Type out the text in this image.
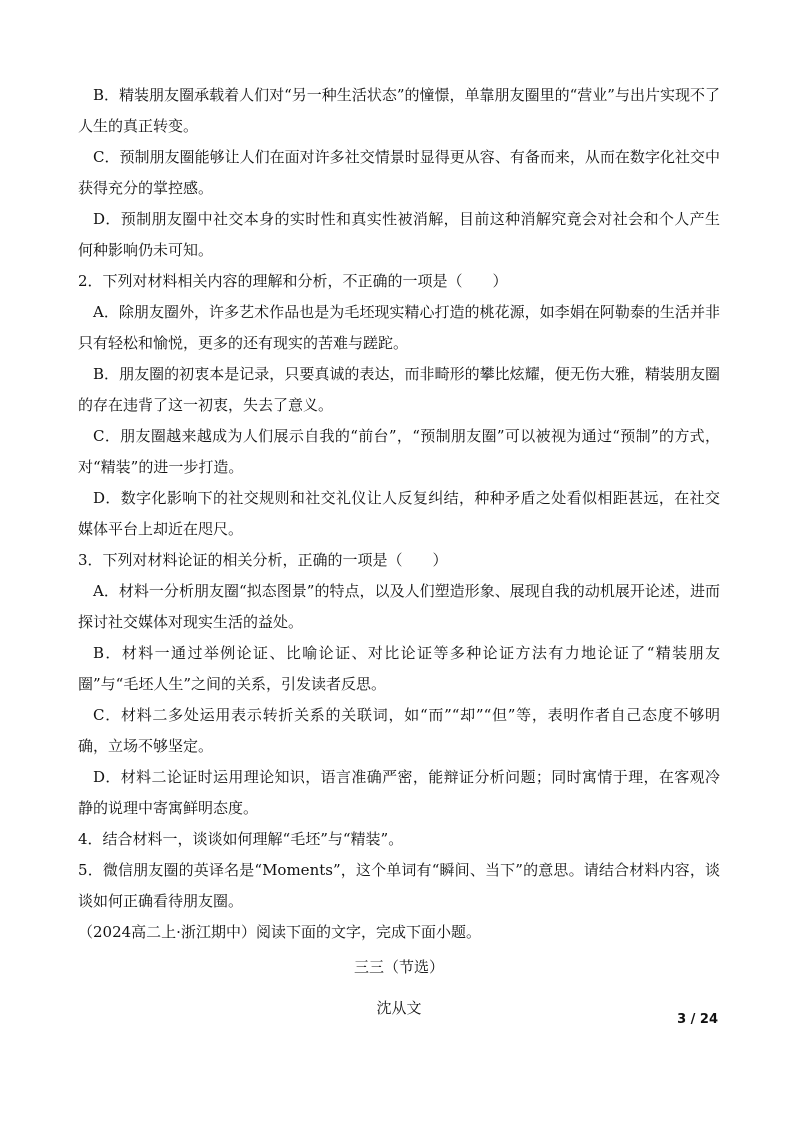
B．精装朋友圈承载着人们对“另一种生活状态”的憧憬，单靠朋友圈里的“营业”与出片实现不了人生的真正转变。

C．预制朋友圈能够让人们在面对许多社交情景时显得更从容、有备而来，从而在数字化社交中获得充分的掌控感。

D．预制朋友圈中社交本身的实时性和真实性被消解，目前这种消解究竟会对社会和个人产生何种影响仍未可知。

2．下列对材料相关内容的理解和分析，不正确的一项是（　　）

A．除朋友圈外，许多艺术作品也是为毛坯现实精心打造的桃花源，如李娟在阿勒泰的生活并非只有轻松和愉悦，更多的还有现实的苦难与蹉跎。

B．朋友圈的初衷本是记录，只要真诚的表达，而非畸形的攀比炫耀，便无伤大雅，精装朋友圈的存在违背了这一初衷，失去了意义。

C．朋友圈越来越成为人们展示自我的“前台”，“预制朋友圈”可以被视为通过“预制”的方式，对“精装”的进一步打造。

D．数字化影响下的社交规则和社交礼仪让人反复纠结，种种矛盾之处看似相距甚远，在社交媒体平台上却近在咫尺。

3．下列对材料论证的相关分析，正确的一项是（　　）

A．材料一分析朋友圈“拟态图景”的特点，以及人们塑造形象、展现自我的动机展开论述，进而探讨社交媒体对现实生活的益处。

B．材料一通过举例论证、比喻论证、对比论证等多种论证方法有力地论证了“精装朋友圈”与“毛坯人生”之间的关系，引发读者反思。

C．材料二多处运用表示转折关系的关联词，如“而”“却”“但”等，表明作者自己态度不够明确，立场不够坚定。

D．材料二论证时运用理论知识，语言准确严密，能辩证分析问题；同时寓情于理，在客观冷静的说理中寄寓鲜明态度。

4．结合材料一，谈谈如何理解“毛坯”与“精装”。

5．微信朋友圈的英译名是“Moments”，这个单词有“瞬间、当下”的意思。请结合材料内容，谈谈如何正确看待朋友圈。

（2024高二上·浙江期中）阅读下面的文字，完成下面小题。

三三（节选）

沈从文

3 / 24
